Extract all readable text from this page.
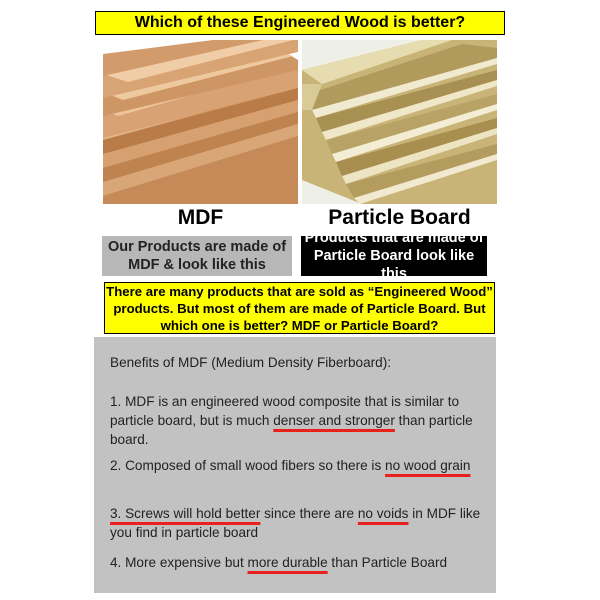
Which of these Engineered Wood is better?
MDF	Particle Board
Our Products are made of
MDF & look like this
Products that are made of
Particle Board look like this
There are many products that are sold as “Engineered Wood”
products. But most of them are made of Particle Board. But
which one is better? MDF or Particle Board?

Benefits of MDF (Medium Density Fiberboard):

1. MDF is an engineered wood composite that is similar to particle board, but is much denser and stronger than particle board.

2. Composed of small wood fibers so there is no wood grain

3. Screws will hold better since there are no voids in MDF like you find in particle board

4. More expensive but more durable than Particle Board
